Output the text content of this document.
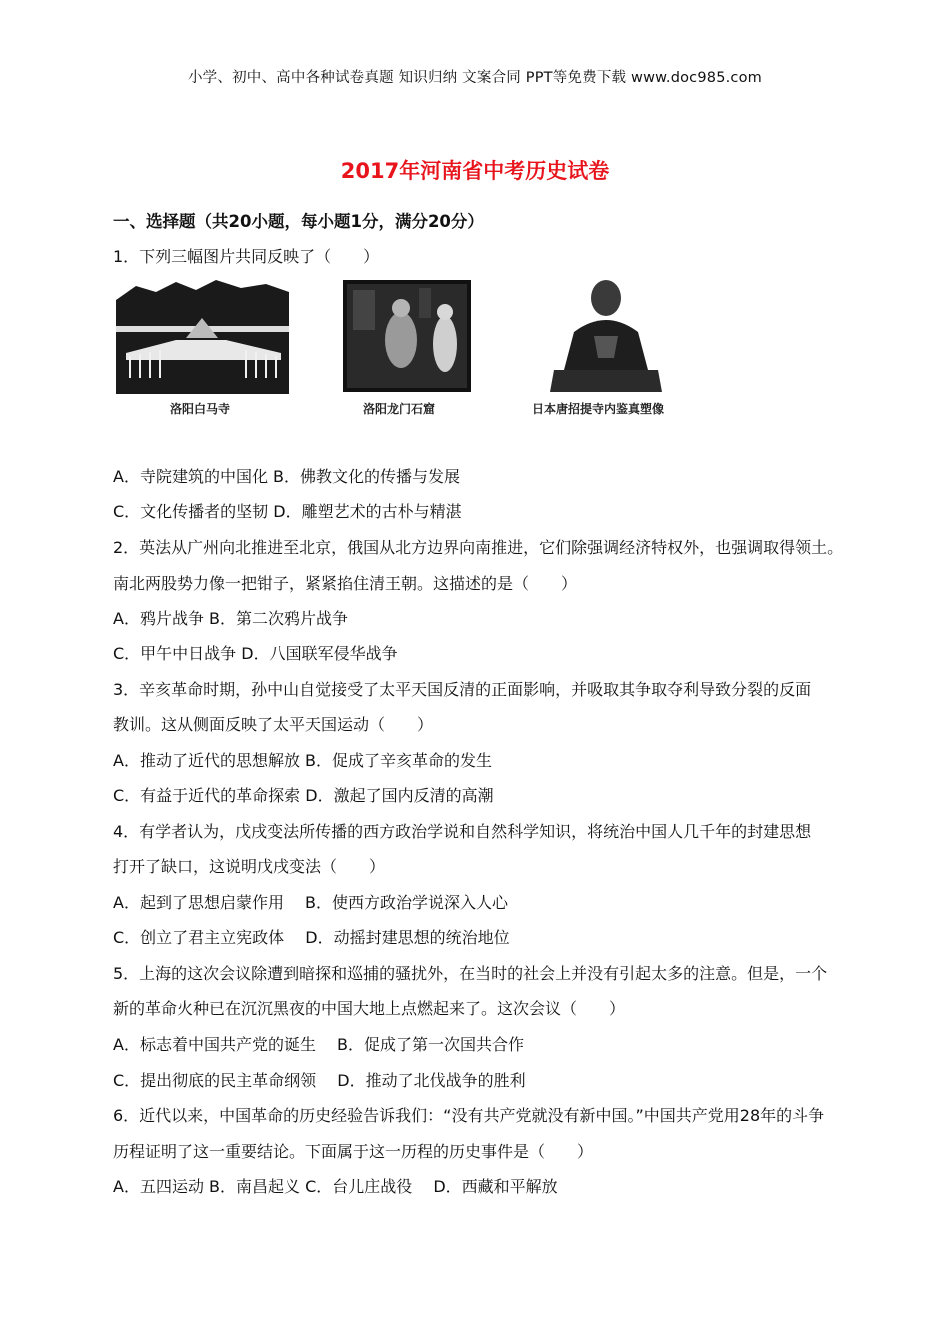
小学、初中、高中各种试卷真题 知识归纳 文案合同 PPT等免费下载 www.doc985.com
2017年河南省中考历史试卷
一、选择题（共20小题，每小题1分，满分20分）
1．下列三幅图片共同反映了（　　）
洛阳白马寺	洛阳龙门石窟	日本唐招提寺内鉴真塑像
A．寺院建筑的中国化 B．佛教文化的传播与发展
C．文化传播者的坚韧 D．雕塑艺术的古朴与精湛
2．英法从广州向北推进至北京，俄国从北方边界向南推进，它们除强调经济特权外，也强调取得领土。
南北两股势力像一把钳子，紧紧掐住清王朝。这描述的是（　　）
A．鸦片战争 B．第二次鸦片战争
C．甲午中日战争 D．八国联军侵华战争
3．辛亥革命时期，孙中山自觉接受了太平天国反清的正面影响，并吸取其争取夺利导致分裂的反面
教训。这从侧面反映了太平天国运动（　　）
A．推动了近代的思想解放 B．促成了辛亥革命的发生
C．有益于近代的革命探索 D．激起了国内反清的高潮
4．有学者认为，戊戌变法所传播的西方政治学说和自然科学知识，将统治中国人几千年的封建思想
打开了缺口，这说明戊戌变法（　　）
A．起到了思想启蒙作用　 B．使西方政治学说深入人心
C．创立了君主立宪政体　 D．动摇封建思想的统治地位
5．上海的这次会议除遭到暗探和巡捕的骚扰外，在当时的社会上并没有引起太多的注意。但是，一个
新的革命火种已在沉沉黑夜的中国大地上点燃起来了。这次会议（　　）
A．标志着中国共产党的诞生　 B．促成了第一次国共合作
C．提出彻底的民主革命纲领　 D．推动了北伐战争的胜利
6．近代以来，中国革命的历史经验告诉我们：“没有共产党就没有新中国。”中国共产党用28年的斗争
历程证明了这一重要结论。下面属于这一历程的历史事件是（　　）
A．五四运动 B．南昌起义 C．台儿庄战役　 D．西藏和平解放
